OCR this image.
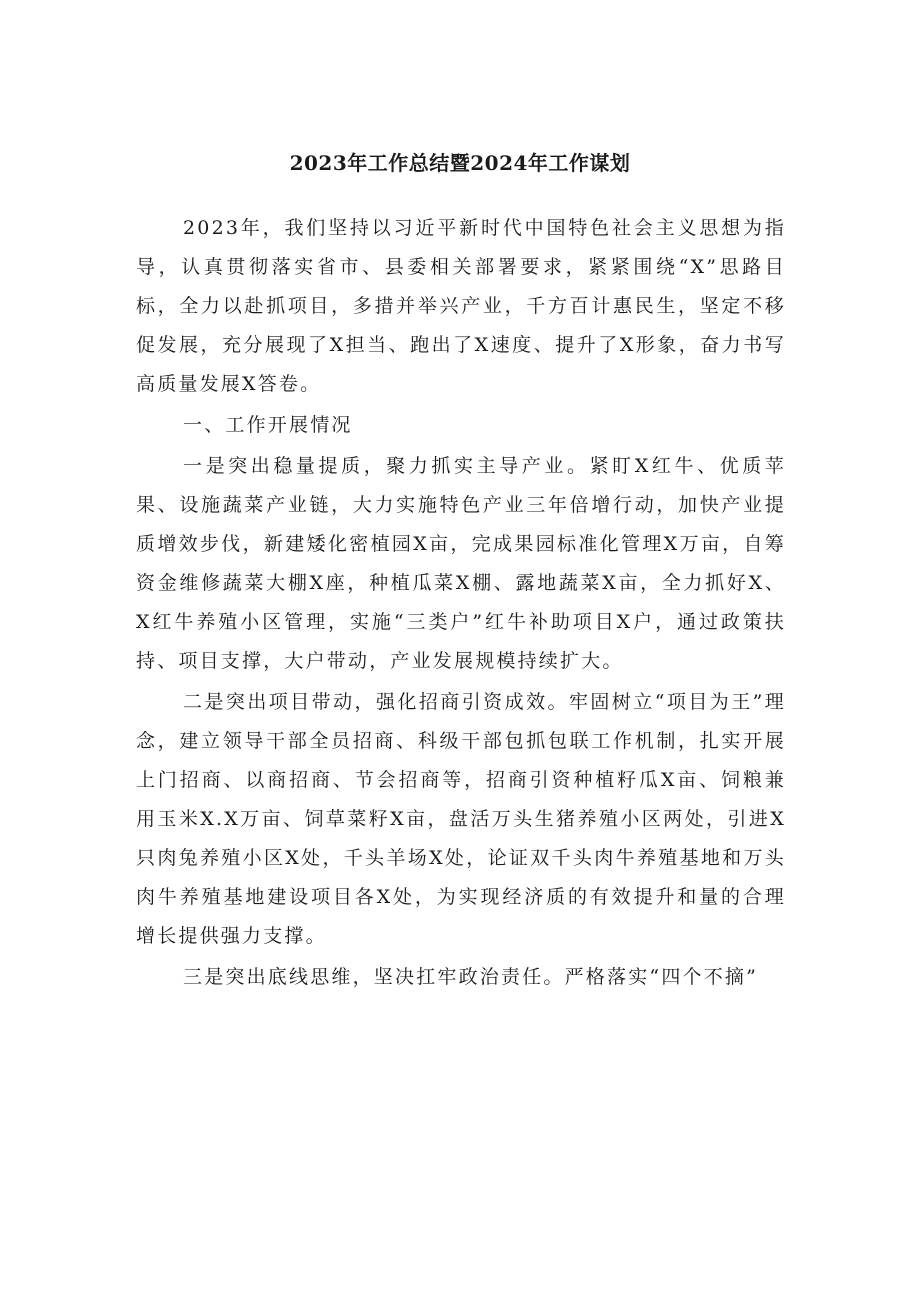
2023年工作总结暨2024年工作谋划

2023年，我们坚持以习近平新时代中国特色社会主义思想为指导，认真贯彻落实省市、县委相关部署要求，紧紧围绕“X”思路目标，全力以赴抓项目，多措并举兴产业，千方百计惠民生，坚定不移促发展，充分展现了X担当、跑出了X速度、提升了X形象，奋力书写高质量发展X答卷。

一、工作开展情况

一是突出稳量提质，聚力抓实主导产业。紧盯X红牛、优质苹果、设施蔬菜产业链，大力实施特色产业三年倍增行动，加快产业提质增效步伐，新建矮化密植园X亩，完成果园标准化管理X万亩，自筹资金维修蔬菜大棚X座，种植瓜菜X棚、露地蔬菜X亩，全力抓好X、X红牛养殖小区管理，实施“三类户”红牛补助项目X户，通过政策扶持、项目支撑，大户带动，产业发展规模持续扩大。

二是突出项目带动，强化招商引资成效。牢固树立“项目为王”理念，建立领导干部全员招商、科级干部包抓包联工作机制，扎实开展上门招商、以商招商、节会招商等，招商引资种植籽瓜X亩、饲粮兼用玉米X.X万亩、饲草菜籽X亩，盘活万头生猪养殖小区两处，引进X只肉兔养殖小区X处，千头羊场X处，论证双千头肉牛养殖基地和万头肉牛养殖基地建设项目各X处，为实现经济质的有效提升和量的合理增长提供强力支撑。

三是突出底线思维，坚决扛牢政治责任。严格落实“四个不摘”
